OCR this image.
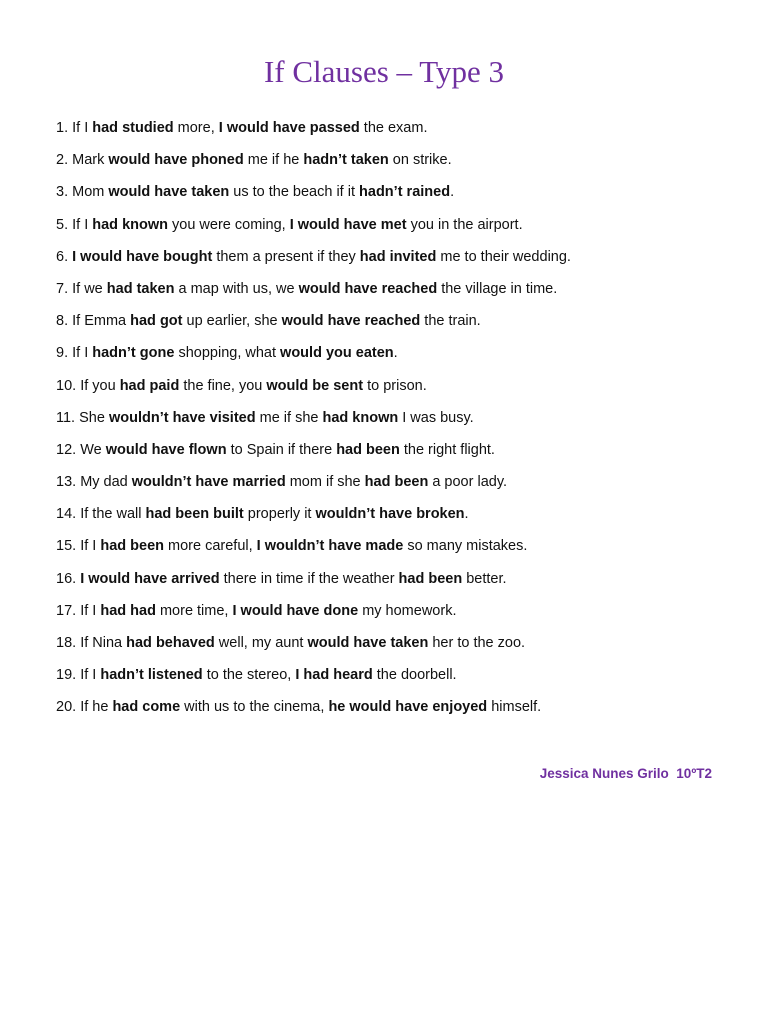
If Clauses – Type 3
1. If I had studied more, I would have passed the exam.
2. Mark would have phoned me if he hadn’t taken on strike.
3. Mom would have taken us to the beach if it hadn’t rained.
5. If I had known you were coming, I would have met you in the airport.
6. I would have bought them a present if they had invited me to their wedding.
7. If we had taken a map with us, we would have reached the village in time.
8. If Emma had got up earlier, she would have reached the train.
9. If I hadn’t gone shopping, what would you eaten.
10. If you had paid the fine, you would be sent to prison.
11. She wouldn’t have visited me if she had known I was busy.
12. We would have flown to Spain if there had been the right flight.
13. My dad wouldn’t have married mom if she had been a poor lady.
14. If the wall had been built properly it wouldn’t have broken.
15. If I had been more careful, I wouldn’t have made so many mistakes.
16. I would have arrived there in time if the weather had been better.
17. If I had had more time, I would have done my homework.
18. If Nina had behaved well, my aunt would have taken her to the zoo.
19. If I hadn’t listened to the stereo, I had heard the doorbell.
20. If he had come with us to the cinema, he would have enjoyed himself.
Jessica Nunes Grilo  10ºT2
